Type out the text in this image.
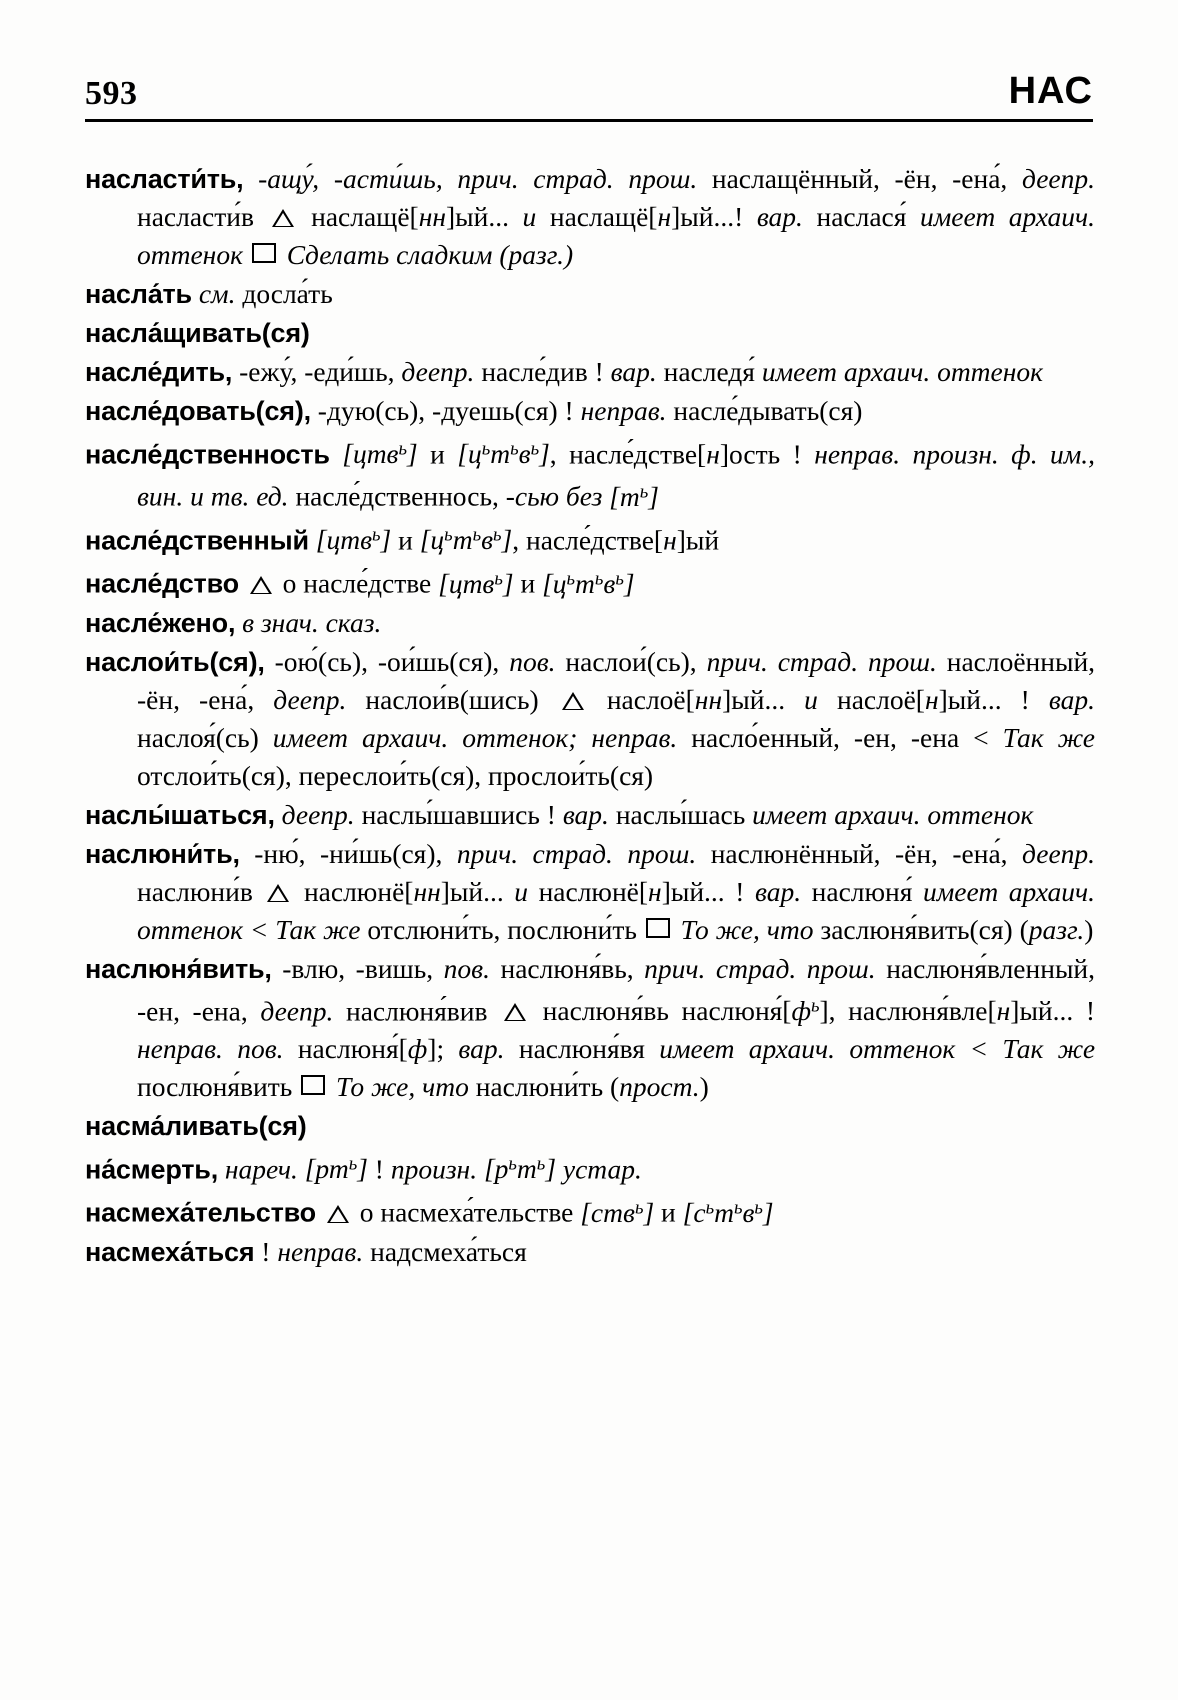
593	НАС
насласти́ть, -ащу́, -асти́шь, прич. страд. прош. наслащённый, -ён, -ена́, деепр. насласти́в наслащё[нн]ый... и наслащё[н]ый...! вар. наслася́ имеет архаич. оттенок Сделать сладким (разг.)
насла́ть см. досла́ть
насла́щивать(ся)
насле́дить, -ежу́, -еди́шь, деепр. насле́див ! вар. наследя́ имеет архаич. оттенок
насле́довать(ся), -дую(сь), -дуешь(ся) ! неправ. насле́дывать(ся)
насле́дственность [цтв$^ь$] и $[ц^ьт^ьв^ь]$, насле́дстве[н]ость ! неправ. произн. ф. им., вин. и тв. ед. насле́дственнось, -сью без $[т^ь]$
насле́дственный [цтв$^ь$] и $[ц^ьт^ьв^ь]$, насле́дстве[н]ый
насле́дство о насле́дстве [цтв$^ь$] и $[ц^ьт^ьв^ь]$
насле́жено, в знач. сказ.
наслои́ть(ся), -ою́(сь), -ои́шь(ся), пов. наслои́(сь), прич. страд. прош. наслоённый, -ён, -ена́, деепр. наслои́в(шись) наслоё[нн]ый... и наслоё[н]ый... ! вар. наслоя́(сь) имеет архаич. оттенок; неправ. насло́енный, -ен, -ена < Так же отслои́ть(ся), переслои́ть(ся), прослои́ть(ся)
наслы́шаться, деепр. наслы́шавшись ! вар. наслы́шась имеет архаич. оттенок
наслюни́ть, -ню́, -ни́шь(ся), прич. страд. прош. наслюнённый, -ён, -ена́, деепр. наслюни́в наслюнё[нн]ый... и наслюнё[н]ый... ! вар. наслюня́ имеет архаич. оттенок < Так же отслюни́ть, послюни́ть То же, что заслюня́вить(ся) (разг.)
наслюня́вить, -влю, -вишь, пов. наслюня́вь, прич. страд. прош. наслюня́вленный, -ен, -ена, деепр. наслюня́вив наслюня́вь $наслюня́[ф^ь]$, наслюня́вле[н]ый... ! неправ. пов. наслюня́[ф]; вар. наслюня́вя имеет архаич. оттенок < Так же послюня́вить То же, что наслюни́ть (прост.)
насма́ливать(ся)
на́смерть, нареч. $[рт^ь]$ ! произн. $[р^ьт^ь]$ устар.
насмеха́тельство о насмеха́тельстве [ств$^ь$] и $[с^ьт^ьв^ь]$
насмеха́ться ! неправ. надсмеха́ться
